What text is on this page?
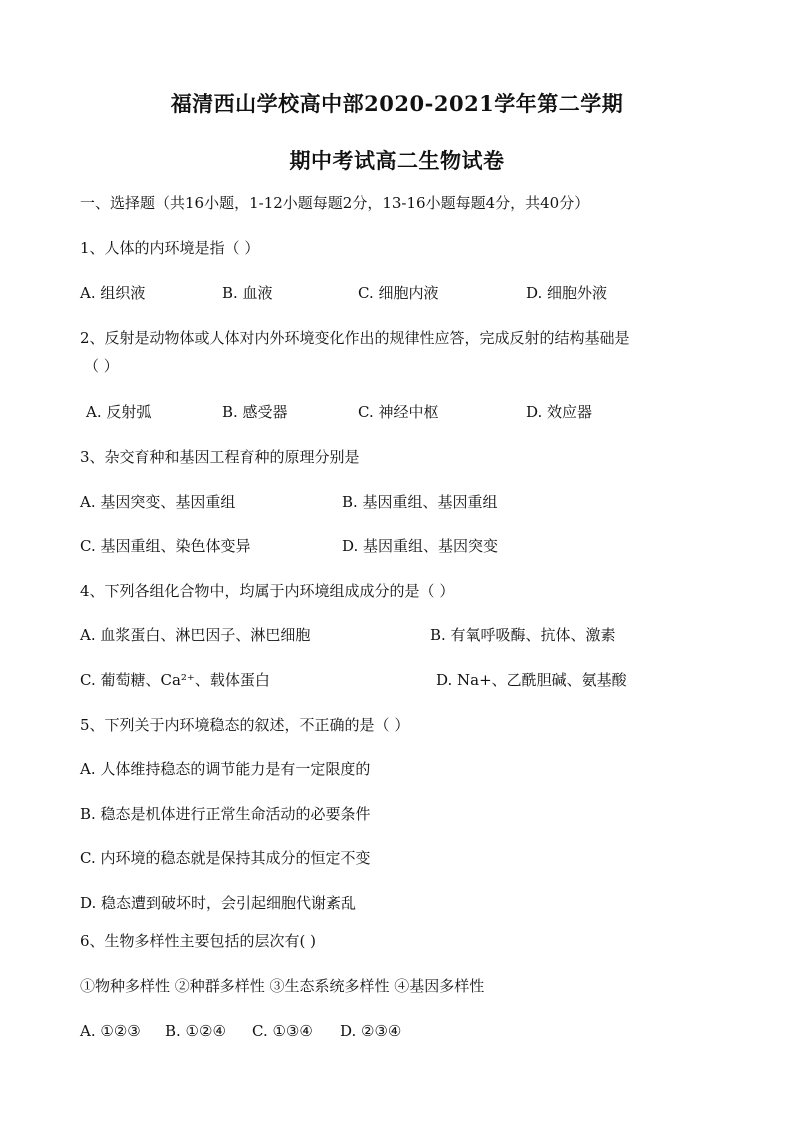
福清西山学校高中部2020-2021学年第二学期
期中考试高二生物试卷
一、选择题（共16小题，1-12小题每题2分，13-16小题每题4分，共40分）
1、人体的内环境是指（ ）
A. 组织液	B. 血液	C. 细胞内液	D. 细胞外液
2、反射是动物体或人体对内外环境变化作出的规律性应答，完成反射的结构基础是
（ ）
A. 反射弧	B. 感受器	C. 神经中枢	D. 效应器
3、杂交育种和基因工程育种的原理分别是
A. 基因突变、基因重组	B. 基因重组、基因重组
C. 基因重组、染色体变异	D. 基因重组、基因突变
4、下列各组化合物中，均属于内环境组成成分的是（ ）
A. 血浆蛋白、淋巴因子、淋巴细胞	B. 有氧呼吸酶、抗体、激素
C. 葡萄糖、Ca²⁺、载体蛋白	D. Na+、乙酰胆碱、氨基酸
5、下列关于内环境稳态的叙述，不正确的是（ ）
A. 人体维持稳态的调节能力是有一定限度的
B. 稳态是机体进行正常生命活动的必要条件
C. 内环境的稳态就是保持其成分的恒定不变
D. 稳态遭到破坏时，会引起细胞代谢紊乱
6、生物多样性主要包括的层次有( )
①物种多样性 ②种群多样性 ③生态系统多样性 ④基因多样性
A. ①②③ B. ①②④ C. ①③④ D. ②③④
